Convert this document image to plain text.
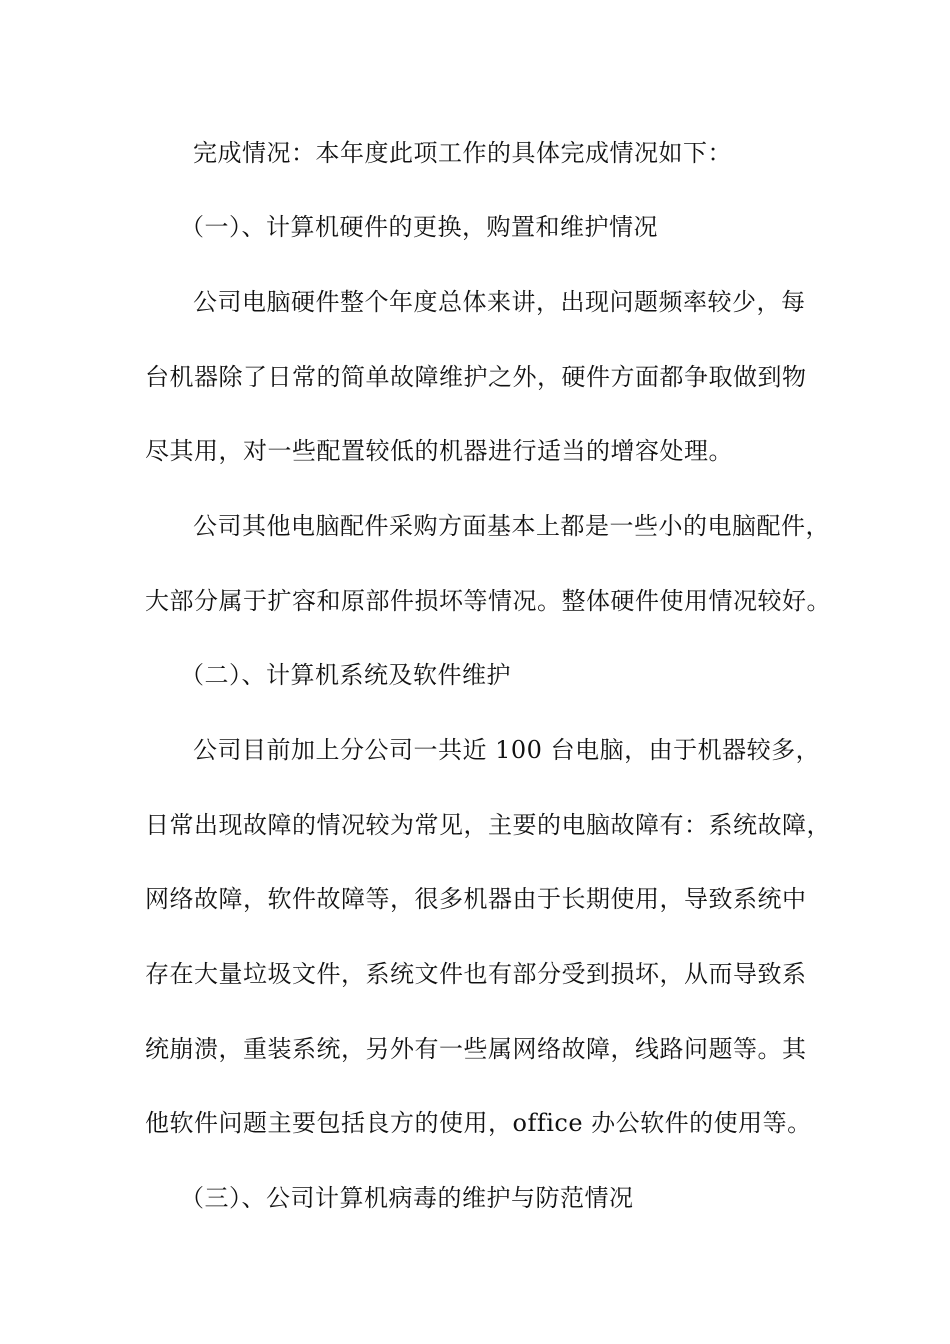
完成情况：本年度此项工作的具体完成情况如下：
（一）、计算机硬件的更换，购置和维护情况
公司电脑硬件整个年度总体来讲，出现问题频率较少，每
台机器除了日常的简单故障维护之外，硬件方面都争取做到物
尽其用，对一些配置较低的机器进行适当的增容处理。
公司其他电脑配件采购方面基本上都是一些小的电脑配件，
大部分属于扩容和原部件损坏等情况。整体硬件使用情况较好。
（二）、计算机系统及软件维护
公司目前加上分公司一共近 100 台电脑，由于机器较多，
日常出现故障的情况较为常见，主要的电脑故障有：系统故障，
网络故障，软件故障等，很多机器由于长期使用，导致系统中
存在大量垃圾文件，系统文件也有部分受到损坏，从而导致系
统崩溃，重装系统，另外有一些属网络故障，线路问题等。其
他软件问题主要包括良方的使用，office 办公软件的使用等。
（三）、公司计算机病毒的维护与防范情况
